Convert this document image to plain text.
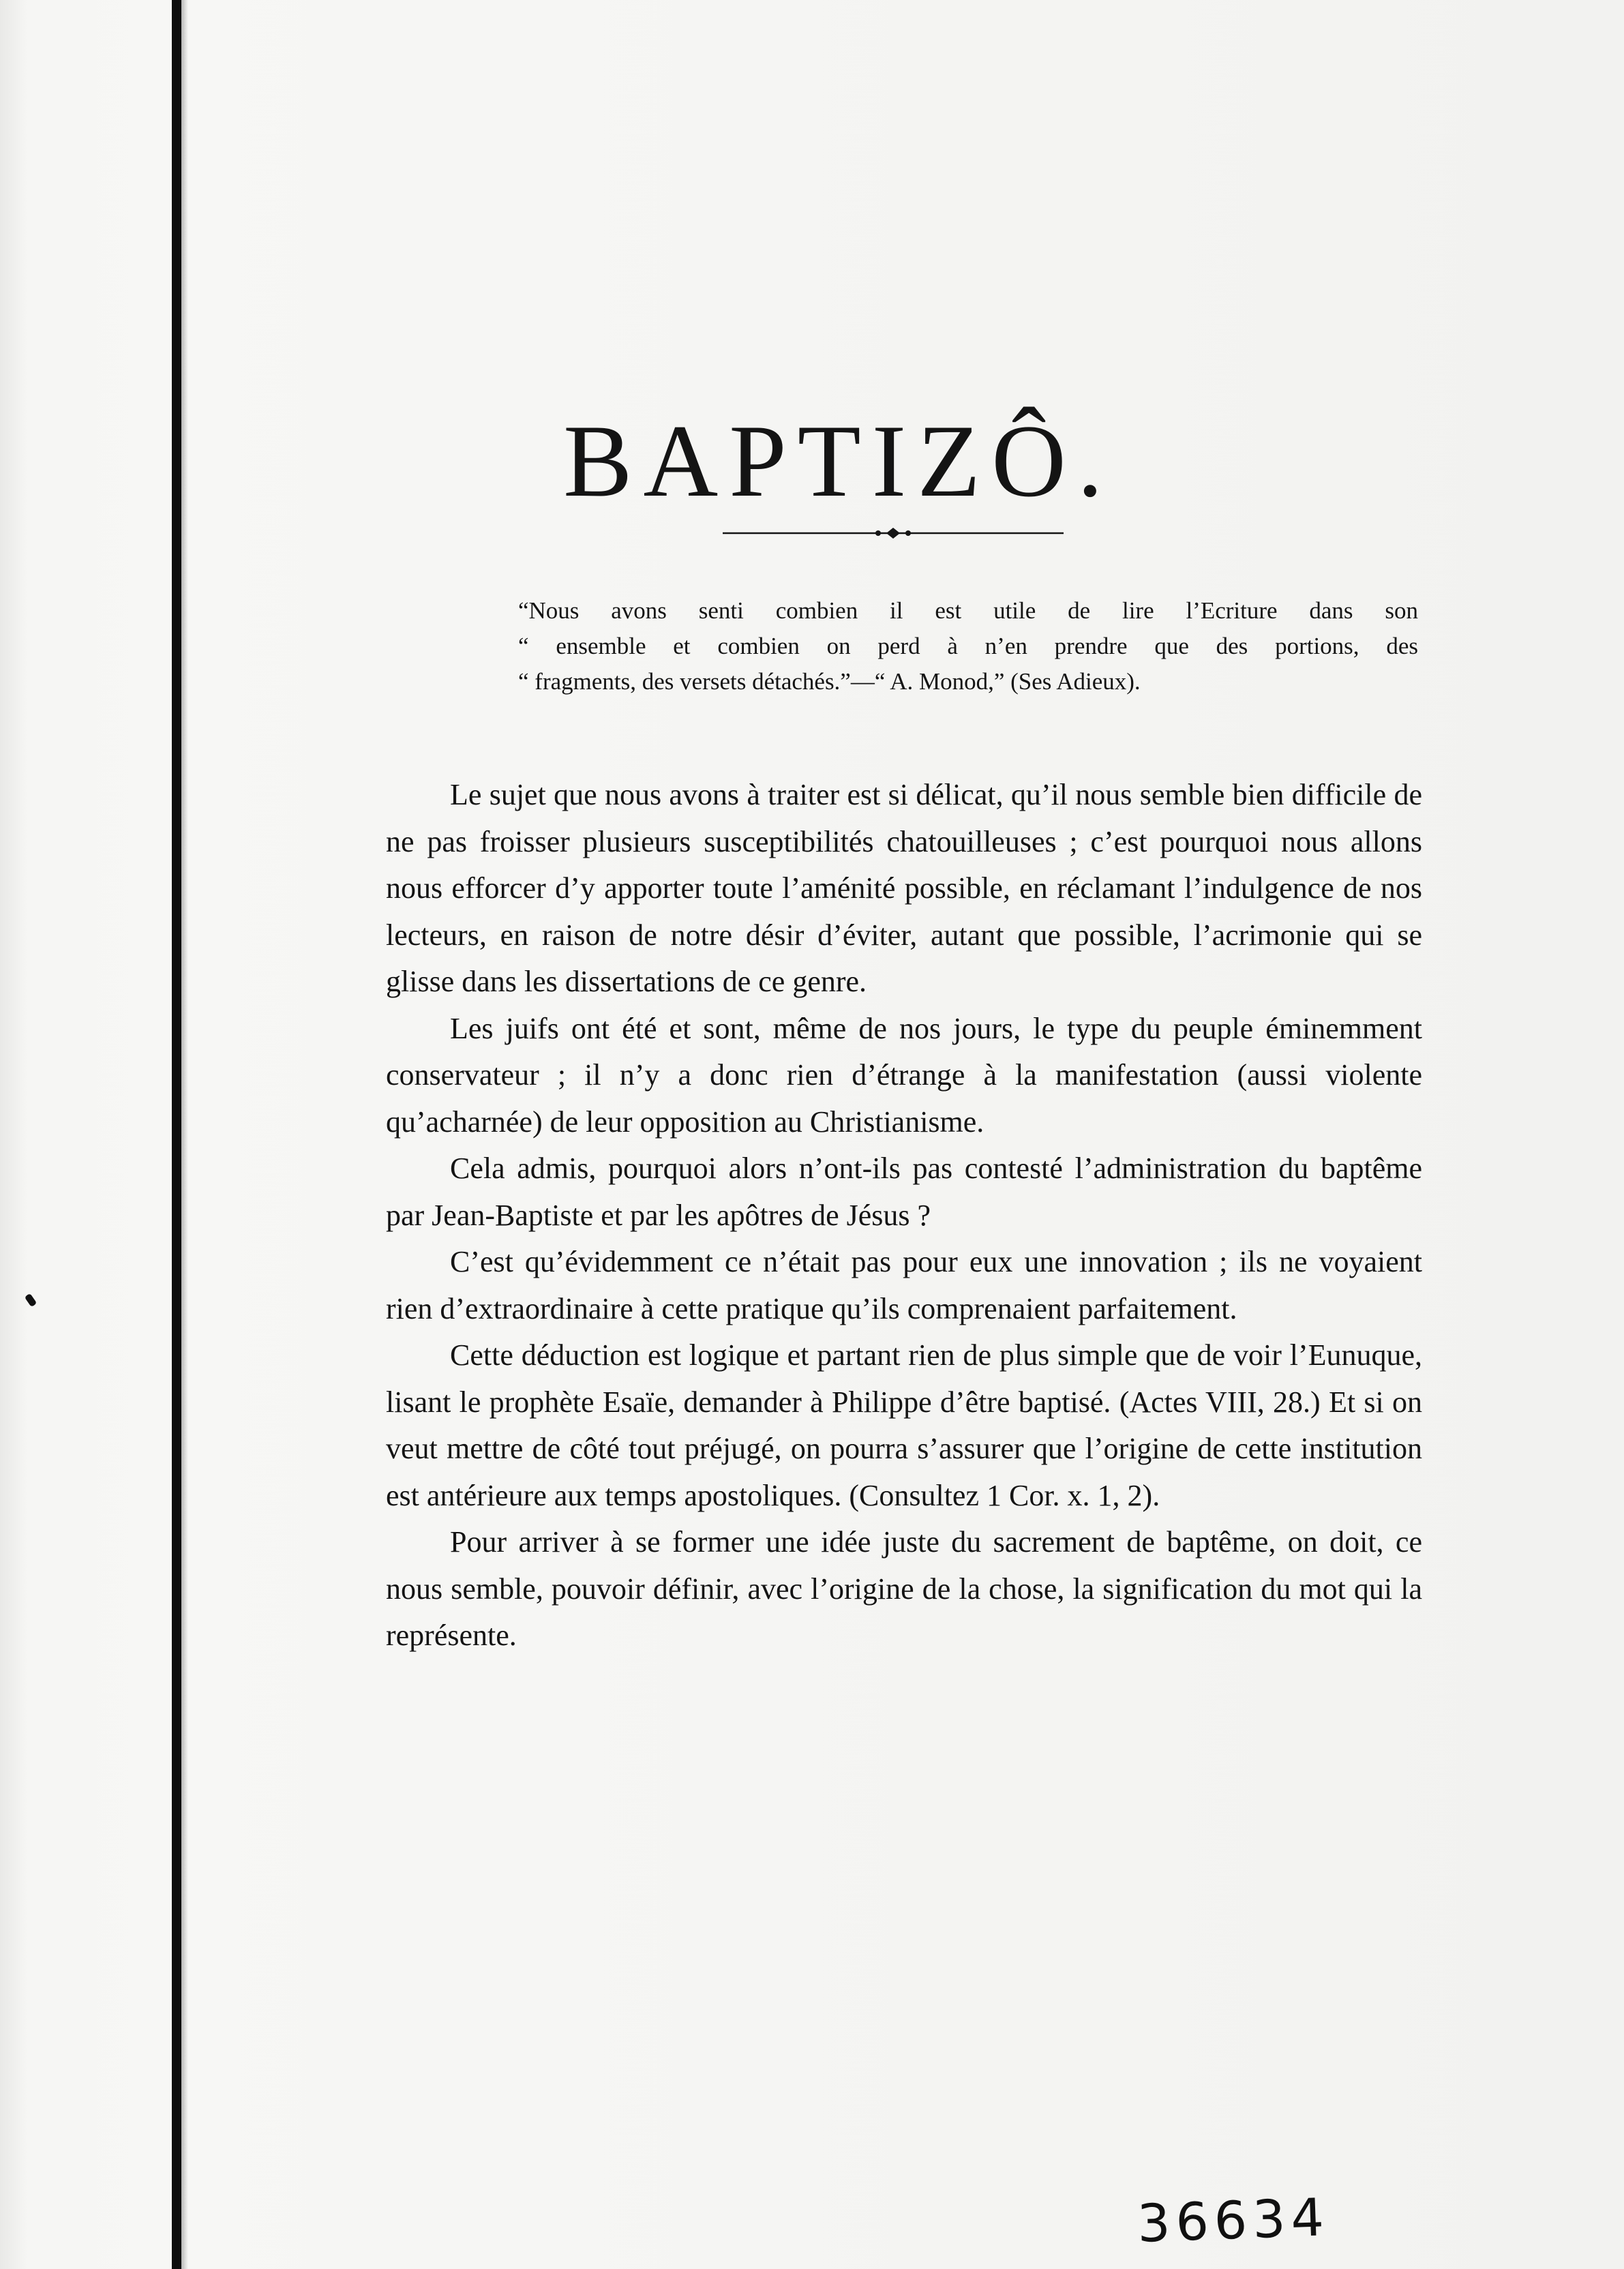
BAPTIZÔ.
“Nous avons senti combien il est utile de lire l’Ecriture dans son
“ ensemble et combien on perd à n’en prendre que des portions, des
“ fragments, des versets détachés.”—“ A. Monod,” (Ses Adieux).

Le sujet que nous avons à traiter est si délicat, qu’il nous semble bien difficile de ne pas froisser plusieurs susceptibilités chatouilleuses ; c’est pourquoi nous allons nous efforcer d’y apporter toute l’aménité possible, en réclamant l’indulgence de nos lecteurs, en raison de notre désir d’éviter, autant que possible, l’acrimonie qui se glisse dans les dissertations de ce genre.

Les juifs ont été et sont, même de nos jours, le type du peuple éminemment conservateur ; il n’y a donc rien d’étrange à la manifestation (aussi violente qu’acharnée) de leur opposition au Christianisme.

Cela admis, pourquoi alors n’ont-ils pas contesté l’administration du baptême par Jean-Baptiste et par les apôtres de Jésus ?

C’est qu’évidemment ce n’était pas pour eux une innovation ; ils ne voyaient rien d’extraordinaire à cette pratique qu’ils comprenaient parfaitement.

Cette déduction est logique et partant rien de plus simple que de voir l’Eunuque, lisant le prophète Esaïe, demander à Philippe d’être baptisé. (Actes VIII, 28.) Et si on veut mettre de côté tout préjugé, on pourra s’assurer que l’origine de cette institution est antérieure aux temps apostoliques. (Consultez 1 Cor. x. 1, 2).

Pour arriver à se former une idée juste du sacrement de baptême, on doit, ce nous semble, pouvoir définir, avec l’origine de la chose, la signification du mot qui la représente.

36634
